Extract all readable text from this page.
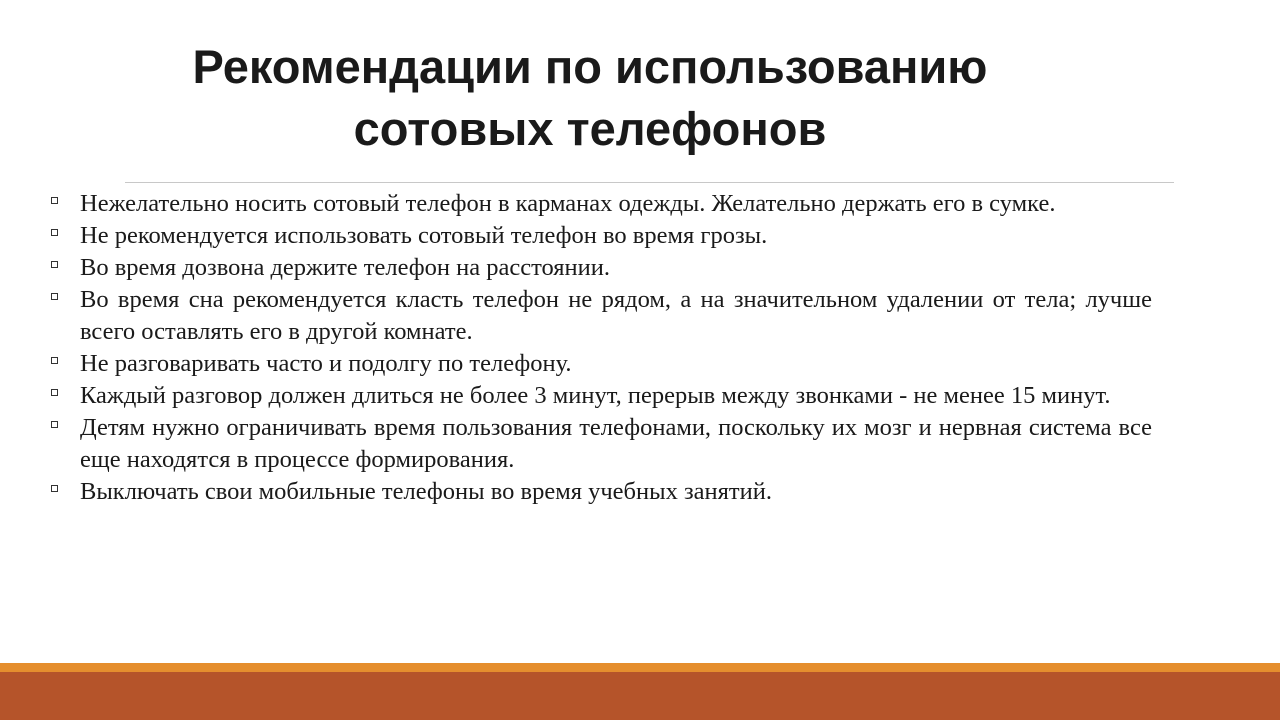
Рекомендации по использованию
сотовых телефонов
Нежелательно носить сотовый телефон в карманах одежды. Желательно держать его в сумке.
Не рекомендуется использовать сотовый телефон во время грозы.
Во время дозвона держите телефон на расстоянии.
Во время сна рекомендуется класть телефон не рядом, а на значительном удалении от тела; лучше всего оставлять его в другой комнате.
Не разговаривать часто и подолгу по телефону.
Каждый разговор должен длиться не более 3 минут, перерыв между звонками - не менее 15 минут.
Детям нужно ограничивать время пользования телефонами, поскольку их мозг и нервная система все еще находятся в процессе формирования.
Выключать свои мобильные телефоны во время учебных занятий.
